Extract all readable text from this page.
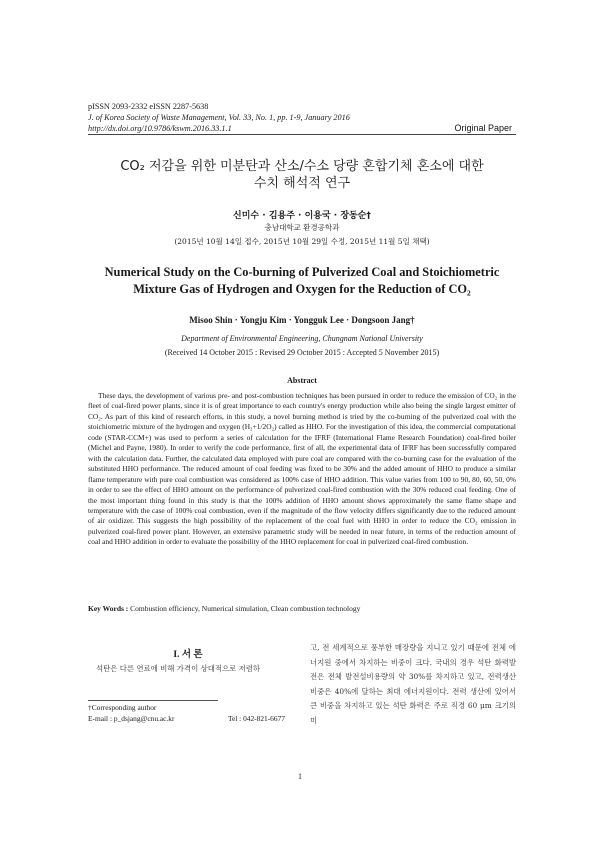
pISSN 2093-2332 eISSN 2287-5638
J. of Korea Society of Waste Management, Vol. 33, No. 1, pp. 1-9, January 2016
http://dx.doi.org/10.9786/kswm.2016.33.1.1	Original Paper
CO₂ 저감을 위한 미분탄과 산소/수소 당량 혼합기체 혼소에 대한
수치 해석적 연구
신미수 · 김용주 · 이용국 · 장동순†
충남대학교 환경공학과
(2015년 10월 14일 접수, 2015년 10월 29일 수정, 2015년 11월 5일 채택)
Numerical Study on the Co-burning of Pulverized Coal and Stoichiometric
Mixture Gas of Hydrogen and Oxygen for the Reduction of CO₂
Misoo Shin · Yongju Kim · Yongguk Lee · Dongsoon Jang†
Department of Environmental Engineering, Chungnam National University
(Received 14 October 2015 : Revised 29 October 2015 : Accepted 5 November 2015)
Abstract
These days, the development of various pre- and post-combustion techniques has been pursued in order to reduce the emission of CO₂ in the fleet of coal-fired power plants, since it is of great importance to each country's energy production while also being the single largest emitter of CO₂. As part of this kind of research efforts, in this study, a novel burning method is tried by the co-burning of the pulverized coal with the stoichiometric mixture of the hydrogen and oxygen (H₂+1/2O₂) called as HHO. For the investigation of this idea, the commercial computational code (STAR-CCM+) was used to perform a series of calculation for the IFRF (International Flame Research Foundation) coal-fired boiler (Michel and Payne, 1980). In order to verify the code performance, first of all, the experimental data of IFRF has been successfully compared with the calculation data. Further, the calculated data employed with pure coal are compared with the co-burning case for the evaluation of the substituted HHO performance. The reduced amount of coal feeding was fixed to be 30% and the added amount of HHO to produce a similar flame temperature with pure coal combustion was considered as 100% case of HHO addition. This value varies from 100 to 90, 80, 60, 50, 0% in order to see the effect of HHO amount on the performance of pulverized coal-fired combustion with the 30% reduced coal feeding. One of the most important thing found in this study is that the 100% addition of HHO amount shows approximately the same flame shape and temperature with the case of 100% coal combustion, even if the magnitude of the flow velocity differs significantly due to the reduced amount of air oxidizer. This suggests the high possibility of the replacement of the coal fuel with HHO in order to reduce the CO₂ emission in pulverized coal-fired power plant. However, an extensive parametric study will be needed in near future, in terms of the reduction amount of coal and HHO addition in order to evaluate the possibility of the HHO replacement for coal in pulverized coal-fired combustion.
Key Words : Combustion efficiency, Numerical simulation, Clean combustion technology
I. 서 론
석탄은 다른 연료에 비해 가격이 상대적으로 저렴하
†Corresponding author
E-mail : p_dsjang@cnu.ac.kr	Tel : 042-821-6677
고, 전 세계적으로 풍부한 매장량을 지니고 있기 때문에 전체 에너지원 중에서 차지하는 비중이 크다. 국내의 경우 석탄 화력발전은 전체 발전설비용량의 약 30%를 차지하고 있고, 전력생산 비중은 40%에 달하는 최대 에너지원이다. 전력 생산에 있어서 큰 비중을 차지하고 있는 석탄 화력은 주로 직경 60 μm 크기의 미
1
